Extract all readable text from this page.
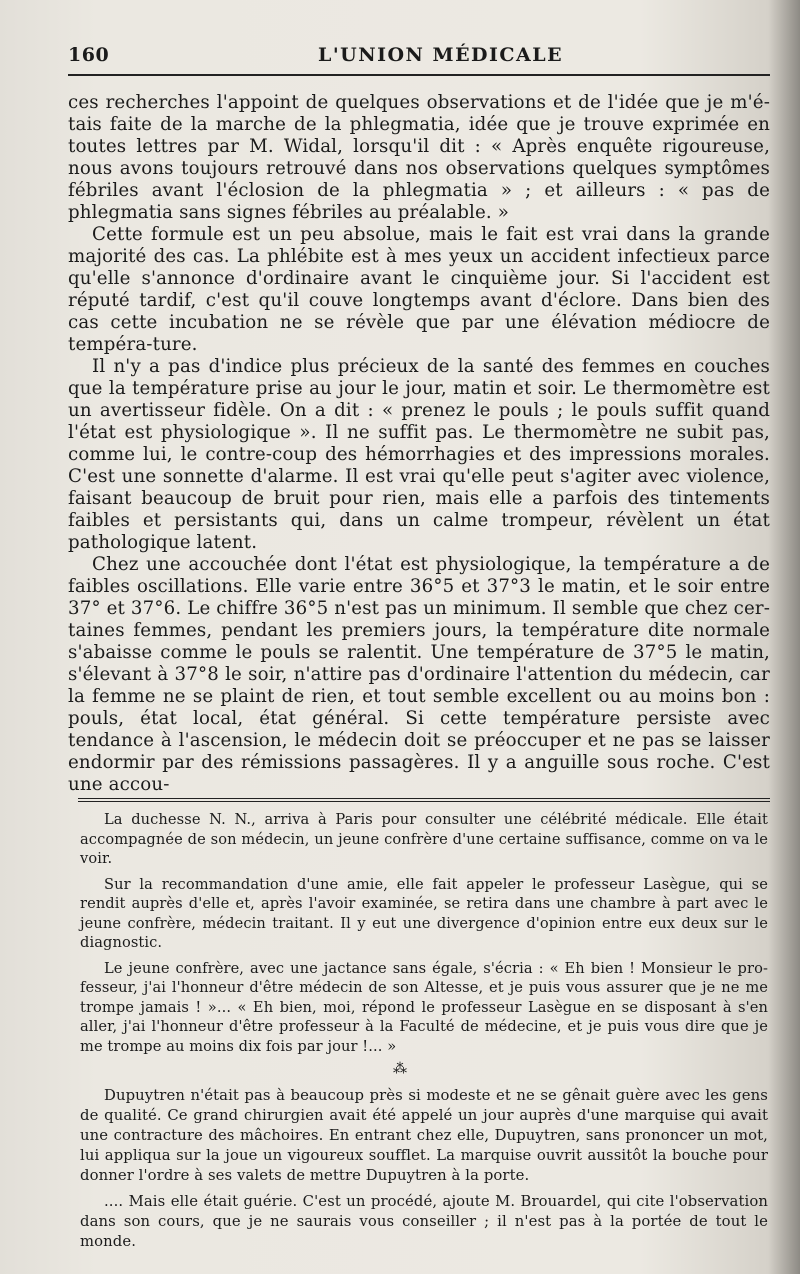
160	L'UNION MÉDICALE

ces recherches l'appoint de quelques observations et de l'idée que je m'é-tais faite de la marche de la phlegmatia, idée que je trouve exprimée en toutes lettres par M. Widal, lorsqu'il dit : « Après enquête rigoureuse, nous avons toujours retrouvé dans nos observations quelques symptômes fébriles avant l'éclosion de la phlegmatia » ; et ailleurs : « pas de phlegmatia sans signes fébriles au préalable. »

Cette formule est un peu absolue, mais le fait est vrai dans la grande majorité des cas. La phlébite est à mes yeux un accident infectieux parce qu'elle s'annonce d'ordinaire avant le cinquième jour. Si l'accident est réputé tardif, c'est qu'il couve longtemps avant d'éclore. Dans bien des cas cette incubation ne se révèle que par une élévation médiocre de tempéra-ture.

Il n'y a pas d'indice plus précieux de la santé des femmes en couches que la température prise au jour le jour, matin et soir. Le thermomètre est un avertisseur fidèle. On a dit : « prenez le pouls ; le pouls suffit quand l'état est physiologique ». Il ne suffit pas. Le thermomètre ne subit pas, comme lui, le contre-coup des hémorrhagies et des impressions morales. C'est une sonnette d'alarme. Il est vrai qu'elle peut s'agiter avec violence, faisant beaucoup de bruit pour rien, mais elle a parfois des tintements faibles et persistants qui, dans un calme trompeur, révèlent un état pathologique latent.

Chez une accouchée dont l'état est physiologique, la température a de faibles oscillations. Elle varie entre 36°5 et 37°3 le matin, et le soir entre 37° et 37°6. Le chiffre 36°5 n'est pas un minimum. Il semble que chez cer-taines femmes, pendant les premiers jours, la température dite normale s'abaisse comme le pouls se ralentit. Une température de 37°5 le matin, s'élevant à 37°8 le soir, n'attire pas d'ordinaire l'attention du médecin, car la femme ne se plaint de rien, et tout semble excellent ou au moins bon : pouls, état local, état général. Si cette température persiste avec tendance à l'ascension, le médecin doit se préoccuper et ne pas se laisser endormir par des rémissions passagères. Il y a anguille sous roche. C'est une accou-

La duchesse N. N., arriva à Paris pour consulter une célébrité médicale. Elle était accompagnée de son médecin, un jeune confrère d'une certaine suffisance, comme on va le voir.

Sur la recommandation d'une amie, elle fait appeler le professeur Lasègue, qui se rendit auprès d'elle et, après l'avoir examinée, se retira dans une chambre à part avec le jeune confrère, médecin traitant. Il y eut une divergence d'opinion entre eux deux sur le diagnostic.

Le jeune confrère, avec une jactance sans égale, s'écria : « Eh bien ! Monsieur le pro-fesseur, j'ai l'honneur d'être médecin de son Altesse, et je puis vous assurer que je ne me trompe jamais ! »... « Eh bien, moi, répond le professeur Lasègue en se disposant à s'en aller, j'ai l'honneur d'être professeur à la Faculté de médecine, et je puis vous dire que je me trompe au moins dix fois par jour !... »

⁂

Dupuytren n'était pas à beaucoup près si modeste et ne se gênait guère avec les gens de qualité. Ce grand chirurgien avait été appelé un jour auprès d'une marquise qui avait une contracture des mâchoires. En entrant chez elle, Dupuytren, sans prononcer un mot, lui appliqua sur la joue un vigoureux soufflet. La marquise ouvrit aussitôt la bouche pour donner l'ordre à ses valets de mettre Dupuytren à la porte.

.... Mais elle était guérie. C'est un procédé, ajoute M. Brouardel, qui cite l'observation dans son cours, que je ne saurais vous conseiller ; il n'est pas à la portée de tout le monde.
